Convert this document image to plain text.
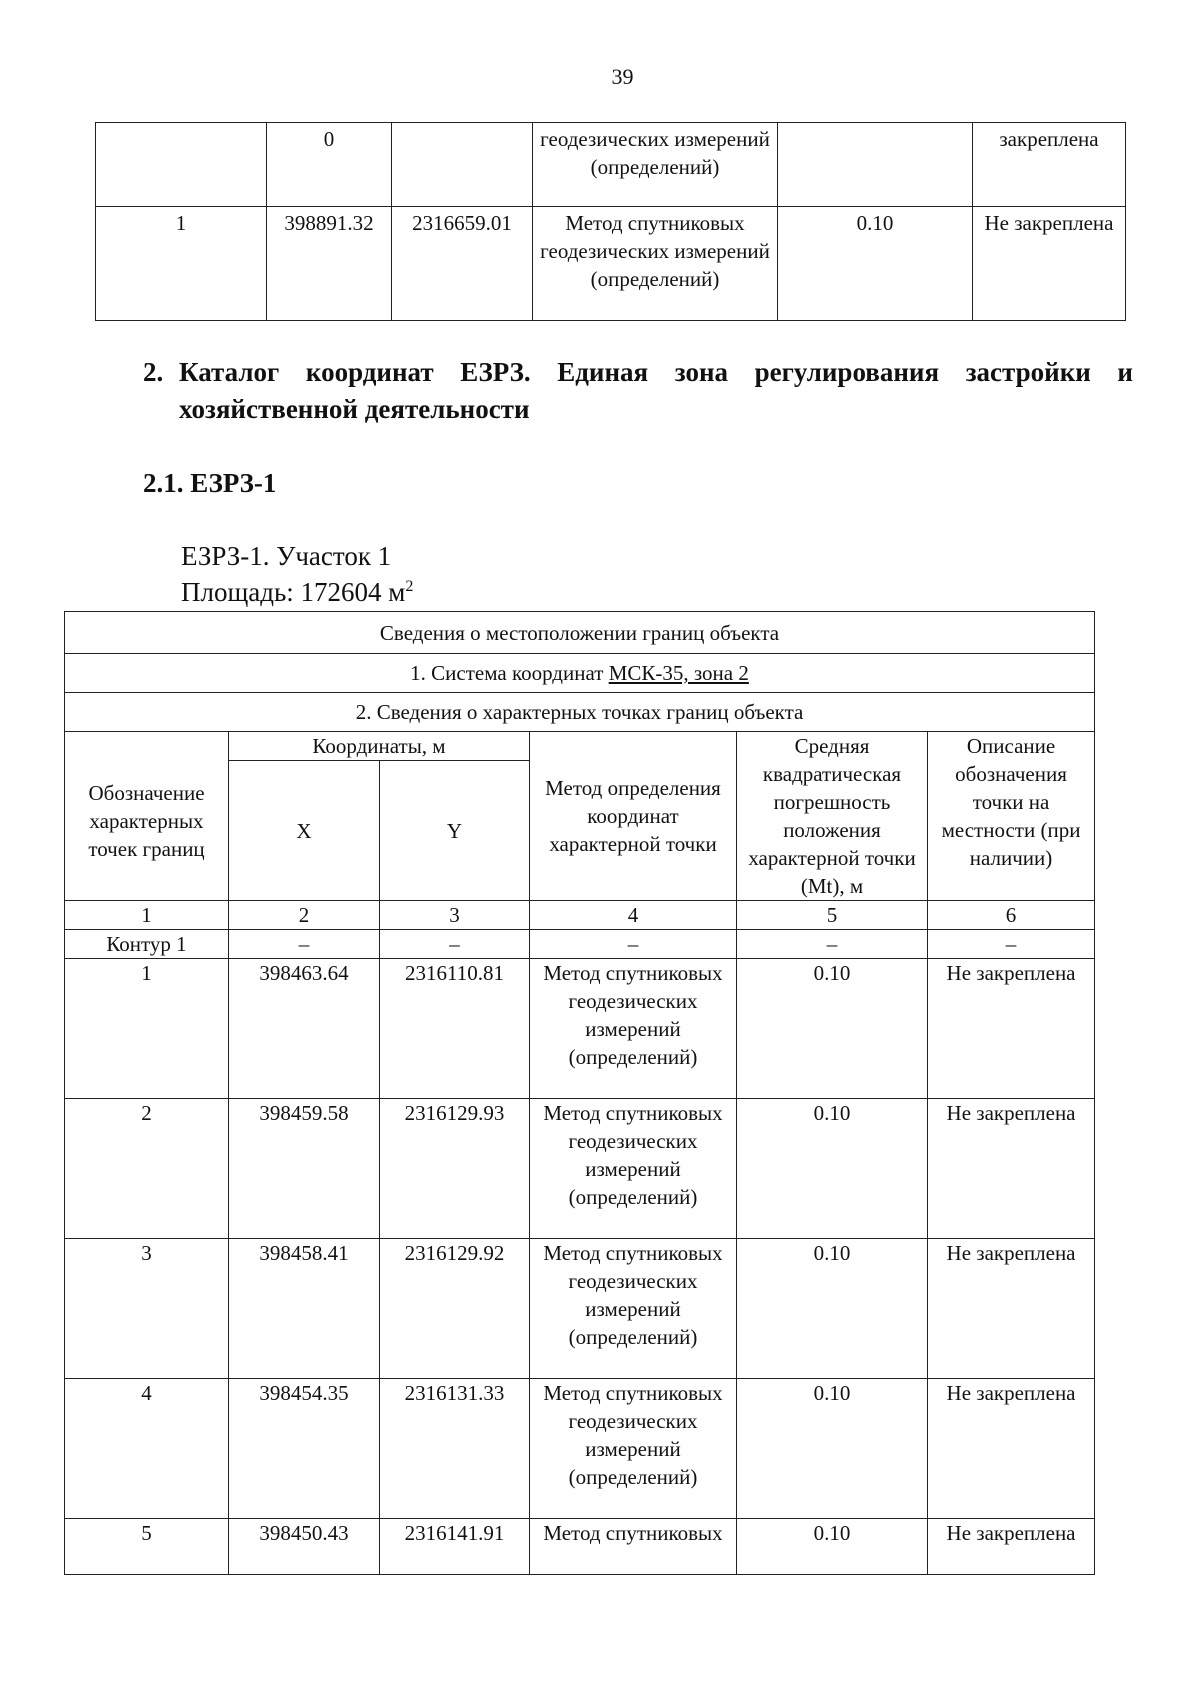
39
	0		геодезических измерений (определений)		закреплена
1	398891.32	2316659.01	Метод спутниковых геодезических измерений (определений)	0.10	Не закреплена
2. Каталог координат ЕЗРЗ. Единая зона регулирования застройки и хозяйственной деятельности
2.1. ЕЗРЗ-1
ЕЗРЗ-1. Участок 1
Площадь: 172604 $м^2$
Сведения о местоположении границ объекта					
1. Система координат МСК-35, зона 2					
2. Сведения о характерных точках границ объекта					
Обозначение характерных точек границ	Координаты, м		Метод определения координат характерной точки	Средняя квадратическая погрешность положения характерной точки (Mt), м	Описание обозначения точки на местности (при наличии)
	X	Y			
1	2	3	4	5	6
Контур 1	–	–	–	–	–
1	398463.64	2316110.81	Метод спутниковых геодезических измерений (определений)	0.10	Не закреплена
2	398459.58	2316129.93	Метод спутниковых геодезических измерений (определений)	0.10	Не закреплена
3	398458.41	2316129.92	Метод спутниковых геодезических измерений (определений)	0.10	Не закреплена
4	398454.35	2316131.33	Метод спутниковых геодезических измерений (определений)	0.10	Не закреплена
5	398450.43	2316141.91	Метод спутниковых	0.10	Не закреплена
